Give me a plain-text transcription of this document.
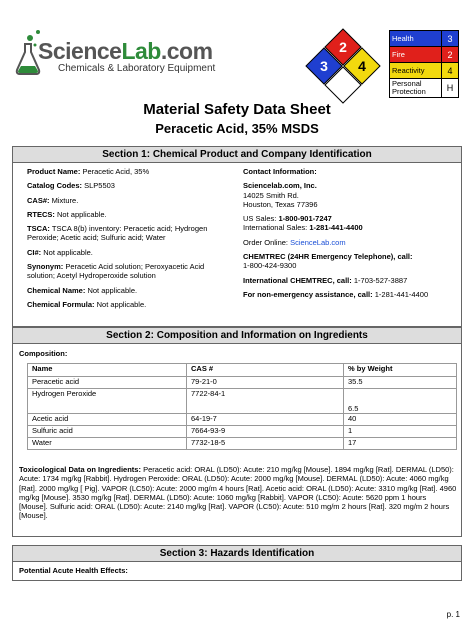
ScienceLab.com
Chemicals & Laboratory Equipment
2
3 4
Health	3
Fire	2
Reactivity	4
Personal Protection	H
Material Safety Data Sheet
Peracetic Acid, 35% MSDS
Section 1: Chemical Product and Company Identification
Product Name: Peracetic Acid, 35%
Catalog Codes: SLP5503
CAS#: Mixture.
RTECS: Not applicable.
TSCA: TSCA 8(b) inventory: Peracetic acid; Hydrogen Peroxide; Acetic acid; Sulfuric acid; Water
CI#: Not applicable.
Synonym: Peracetic Acid solution; Peroxyacetic Acid solution; Acetyl Hydroperoxide solution
Chemical Name: Not applicable.
Chemical Formula: Not applicable.
Contact Information:
Sciencelab.com, Inc.
14025 Smith Rd.
Houston, Texas 77396
US Sales: 1-800-901-7247
International Sales: 1-281-441-4400
Order Online: ScienceLab.com
CHEMTREC (24HR Emergency Telephone), call:
1-800-424-9300
International CHEMTREC, call: 1-703-527-3887
For non-emergency assistance, call: 1-281-441-4400
Section 2: Composition and Information on Ingredients
Composition:
Name	CAS #	% by Weight
Peracetic acid	79-21-0	35.5
Hydrogen Peroxide	7722-84-1	6.5
Acetic acid	64-19-7	40
Sulfuric acid	7664-93-9	1
Water	7732-18-5	17
Toxicological Data on Ingredients: Peracetic acid: ORAL (LD50): Acute: 210 mg/kg [Mouse]. 1894 mg/kg [Rat]. DERMAL (LD50): Acute: 1734 mg/kg [Rabbit]. Hydrogen Peroxide: ORAL (LD50): Acute: 2000 mg/kg [Mouse]. DERMAL (LD50): Acute: 4060 mg/kg [Rat]. 2000 mg/kg [ Pig]. VAPOR (LC50): Acute: 2000 mg/m 4 hours [Rat]. Acetic acid: ORAL (LD50): Acute: 3310 mg/kg [Rat]. 4960 mg/kg [Mouse]. 3530 mg/kg [Rat]. DERMAL (LD50): Acute: 1060 mg/kg [Rabbit]. VAPOR (LC50): Acute: 5620 ppm 1 hours [Mouse]. Sulfuric acid: ORAL (LD50): Acute: 2140 mg/kg [Rat]. VAPOR (LC50): Acute: 510 mg/m 2 hours [Rat]. 320 mg/m 2 hours [Mouse].
Section 3: Hazards Identification
Potential Acute Health Effects:
p. 1
